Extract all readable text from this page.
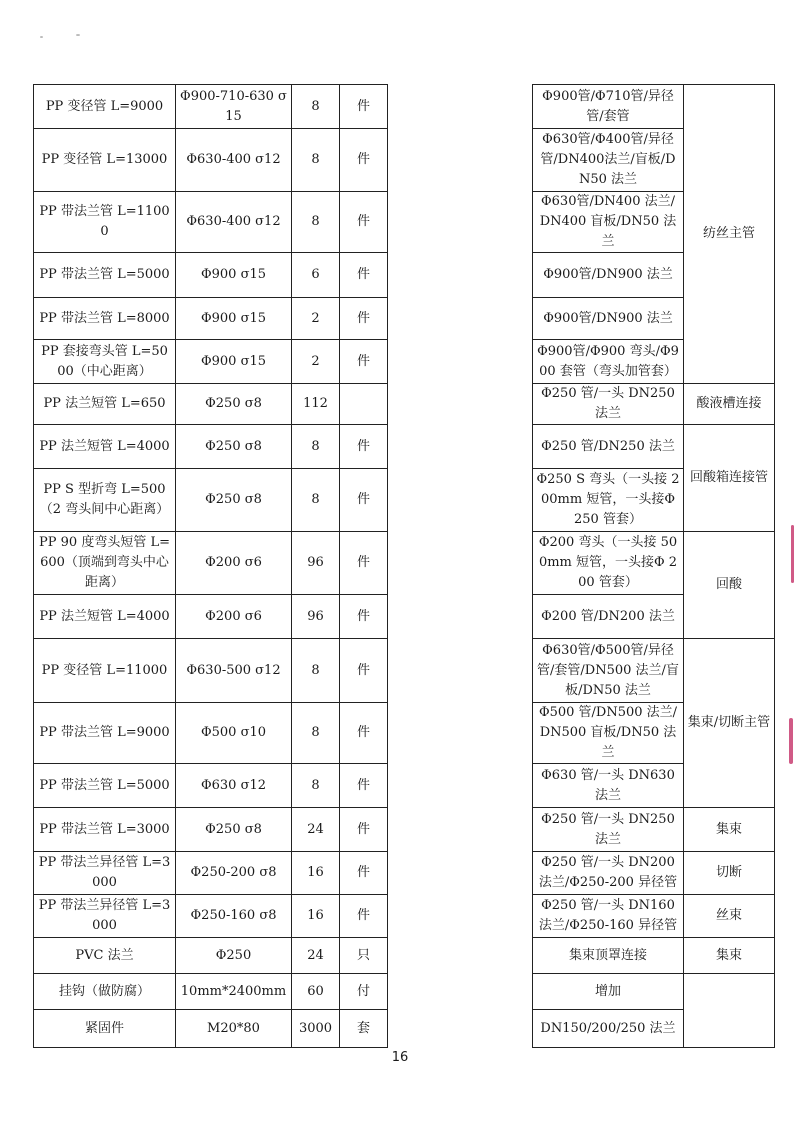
PP 变径管 L=9000	Φ900-710-630 σ15	8	件		Φ900管/Φ710管/异径管/套管	纺丝主管
PP 变径管 L=13000	Φ630-400 σ12	8	件		Φ630管/Φ400管/异径管/DN400法兰/盲板/DN50 法兰	
PP 带法兰管 L=11000	Φ630-400 σ12	8	件		Φ630管/DN400 法兰/DN400 盲板/DN50 法兰	
PP 带法兰管 L=5000	Φ900 σ15	6	件		Φ900管/DN900 法兰	
PP 带法兰管 L=8000	Φ900 σ15	2	件		Φ900管/DN900 法兰	
PP 套接弯头管 L=5000（中心距离）	Φ900 σ15	2	件		Φ900管/Φ900 弯头/Φ900 套管（弯头加管套）	
PP 法兰短管 L=650	Φ250 σ8	112			Φ250 管/一头 DN250 法兰	酸液槽连接
PP 法兰短管 L=4000	Φ250 σ8	8	件		Φ250 管/DN250 法兰	回酸箱连接管
PP S 型折弯 L=500（2 弯头间中心距离）	Φ250 σ8	8	件		Φ250 S 弯头（一头接 200mm 短管，一头接Φ 250 管套）	
PP 90 度弯头短管 L=600（顶端到弯头中心距离）	Φ200 σ6	96	件		Φ200 弯头（一头接 500mm 短管，一头接Φ 200 管套）	回酸
PP 法兰短管 L=4000	Φ200 σ6	96	件		Φ200 管/DN200 法兰	
PP 变径管 L=11000	Φ630-500 σ12	8	件		Φ630管/Φ500管/异径管/套管/DN500 法兰/盲板/DN50 法兰	集束/切断主管
PP 带法兰管 L=9000	Φ500 σ10	8	件		Φ500 管/DN500 法兰/DN500 盲板/DN50 法兰	
PP 带法兰管 L=5000	Φ630 σ12	8	件		Φ630 管/一头 DN630 法兰	
PP 带法兰管 L=3000	Φ250 σ8	24	件		Φ250 管/一头 DN250 法兰	集束
PP 带法兰异径管 L=3000	Φ250-200 σ8	16	件		Φ250 管/一头 DN200 法兰/Φ250-200 异径管	切断
PP 带法兰异径管 L=3000	Φ250-160 σ8	16	件		Φ250 管/一头 DN160 法兰/Φ250-160 异径管	丝束
PVC 法兰	Φ250	24	只		集束顶罩连接	集束
挂钩（做防腐）	10mm*2400mm	60	付		增加	
紧固件	M20*80	3000	套		DN150/200/250 法兰	
16
